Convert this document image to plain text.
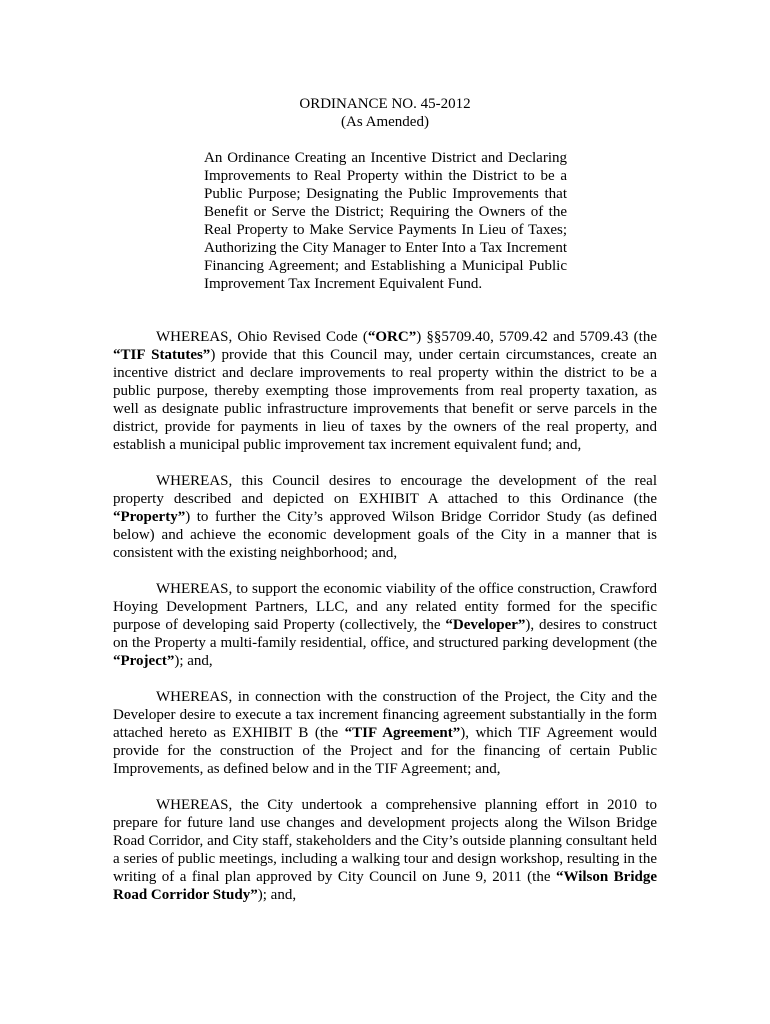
ORDINANCE NO. 45-2012
(As Amended)
An Ordinance Creating an Incentive District and Declaring Improvements to Real Property within the District to be a Public Purpose; Designating the Public Improvements that Benefit or Serve the District; Requiring the Owners of the Real Property to Make Service Payments In Lieu of Taxes; Authorizing the City Manager to Enter Into a Tax Increment Financing Agreement; and Establishing a Municipal Public Improvement Tax Increment Equivalent Fund.

WHEREAS, Ohio Revised Code (“ORC”) §§5709.40, 5709.42 and 5709.43 (the “TIF Statutes”) provide that this Council may, under certain circumstances, create an incentive district and declare improvements to real property within the district to be a public purpose, thereby exempting those improvements from real property taxation, as well as designate public infrastructure improvements that benefit or serve parcels in the district, provide for payments in lieu of taxes by the owners of the real property, and establish a municipal public improvement tax increment equivalent fund; and,

WHEREAS, this Council desires to encourage the development of the real property described and depicted on EXHIBIT A attached to this Ordinance (the “Property”) to further the City’s approved Wilson Bridge Corridor Study (as defined below) and achieve the economic development goals of the City in a manner that is consistent with the existing neighborhood; and,

WHEREAS, to support the economic viability of the office construction, Crawford Hoying Development Partners, LLC, and any related entity formed for the specific purpose of developing said Property (collectively, the “Developer”), desires to construct on the Property a multi-family residential, office, and structured parking development (the “Project”); and,

WHEREAS, in connection with the construction of the Project, the City and the Developer desire to execute a tax increment financing agreement substantially in the form attached hereto as EXHIBIT B (the “TIF Agreement”), which TIF Agreement would provide for the construction of the Project and for the financing of certain Public Improvements, as defined below and in the TIF Agreement; and,

WHEREAS, the City undertook a comprehensive planning effort in 2010 to prepare for future land use changes and development projects along the Wilson Bridge Road Corridor, and City staff, stakeholders and the City’s outside planning consultant held a series of public meetings, including a walking tour and design workshop, resulting in the writing of a final plan approved by City Council on June 9, 2011 (the “Wilson Bridge Road Corridor Study”); and,
